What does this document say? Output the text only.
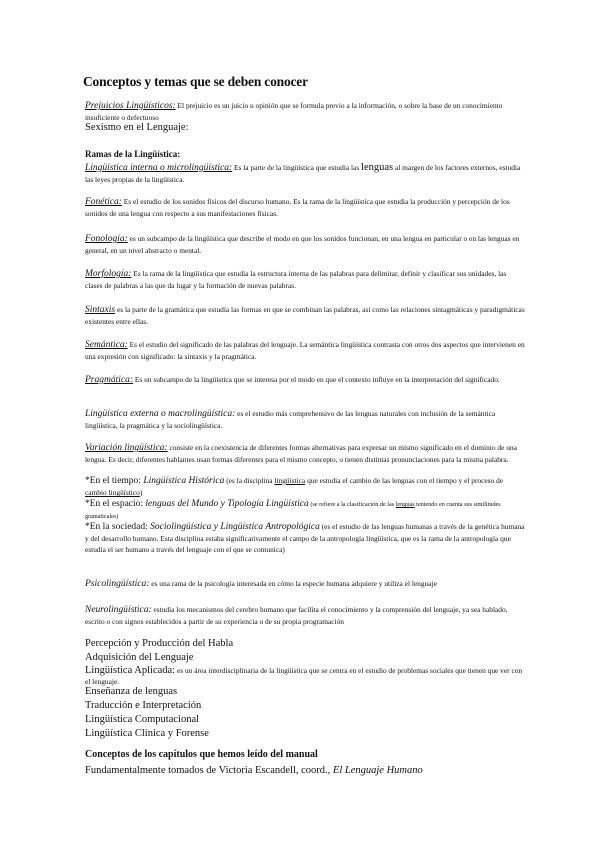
Conceptos y temas que se deben conocer
Prejuicios Lingüísticos: El prejuicio es un juicio u opinión que se formula previo a la información, o sobre la base de un conocimiento insuficiente o defectuoso
Sexismo en el Lenguaje:
Ramas de la Lingüística:
Lingüística interna o microlingüística: Es la parte de la lingüística que estudia las lenguas al margen de los factores externos, estudia las leyes propias de la lingüística.
Fonética: Es el estudio de los sonidos físicos del discurso humano. Es la rama de la lingüística que estudia la producción y percepción de los sonidos de una lengua con respecto a sus manifestaciones físicas.
Fonología: es un subcampo de la lingüística que describe el modo en que los sonidos funcionan, en una lengua en particular o en las lenguas en general, en un nivel abstracto o mental.
Morfología: Es la rama de la lingüística que estudia la estructura interna de las palabras para delimitar, definir y clasificar sus unidades, las clases de palabras a las que da lugar y la formación de nuevas palabras.
Sintaxis es la parte de la gramática que estudia las formas en que se combinan las palabras, así como las relaciones sintagmáticas y paradigmáticas existentes entre ellas.
Semántica: Es el estudio del significado de las palabras del lenguaje. La semántica lingüística contrasta con otros dos aspectos que intervienen en una expresión con significado: la sintaxis y la pragmática.
Pragmática: Es un subcampo de la lingüística que se interesa por el modo en que el contexto influye en la interpretación del significado.
Lingüística externa o macrolingüística: es el estudio más comprehensivo de las lenguas naturales con inclusión de la semántica lingüística, la pragmática y la sociolingüística.
Variación lingüística: consiste en la coexistencia de diferentes formas alternativas para expresar un mismo significado en el dominio de una lengua. Es decir, diferentes hablantes usan formas diferentes para el mismo concepto, o tienen distintas pronunciaciones para la misma palabra.
*En el tiempo: Lingüística Histórica (es la disciplina lingüística que estudia el cambio de las lenguas con el tiempo y el proceso de cambio lingüístico)
*En el espacio: lenguas del Mundo y Tipología Lingüística (se refiere a la clasificación de las lenguas teniendo en cuenta sus similitudes gramaticales)
*En la sociedad: Sociolingüística y Lingüística Antropológica (es el estudio de las lenguas humanas a través de la genética humana y del desarrollo humano. Esta disciplina estaba significativamente el campo de la antropología lingüística, que es la rama de la antropología que estudia el ser humano a través del lenguaje con el que se comunica)
Psicolingüística: es una rama de la psicología interesada en cómo la especie humana adquiere y utiliza el lenguaje
Neurolingüística: estudia los mecanismos del cerebro humano que facilita el conocimiento y la comprensión del lenguaje, ya sea hablado, escrito o con signos establecidos a partir de su experiencia o de su propia programación
Percepción y Producción del Habla
Adquisición del Lenguaje
Lingüística Aplicada: es un área interdisciplinaria de la lingüística que se centra en el estudio de problemas sociales que tienen que ver con el lenguaje.
Enseñanza de lenguas
Traducción e Interpretación
Lingüística Computacional
Lingüística Clínica y Forense
Conceptos de los capítulos que hemos leído del manual
Fundamentalmente tomados de Victoria Escandell, coord., El Lenguaje Humano
